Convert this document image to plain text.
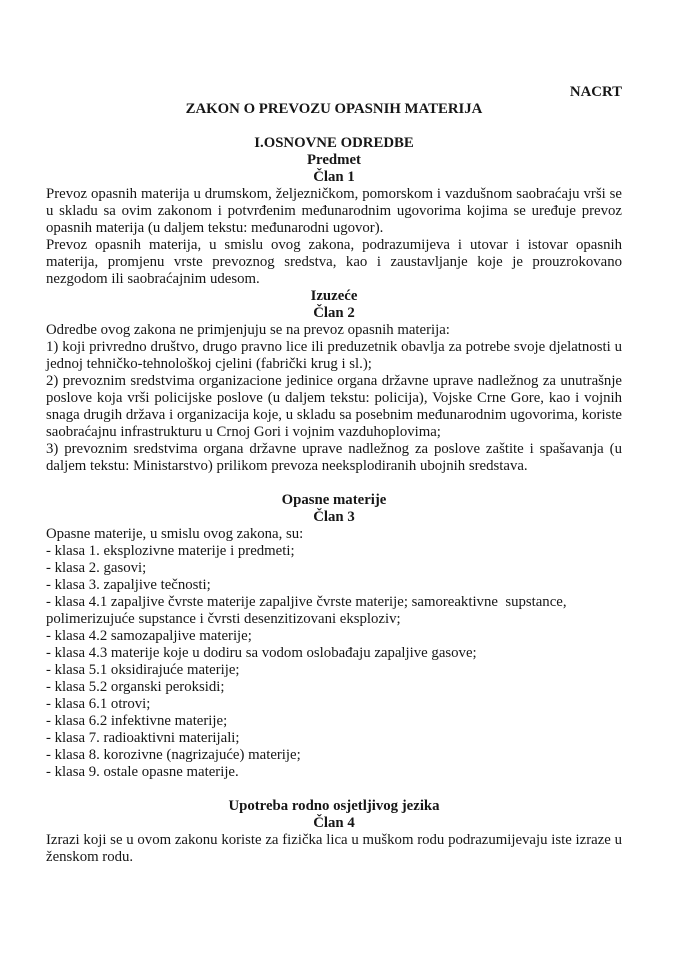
NACRT
ZAKON O PREVOZU OPASNIH MATERIJA
I.OSNOVNE ODREDBE
Predmet
Član 1

Prevoz opasnih materija u drumskom, željezničkom, pomorskom i vazdušnom saobraćaju vrši se u skladu sa ovim zakonom i potvrđenim međunarodnim ugovorima kojima se uređuje prevoz opasnih materija (u daljem tekstu: međunarodni ugovor).

Prevoz opasnih materija, u smislu ovog zakona, podrazumijeva i utovar i istovar opasnih materija, promjenu vrste prevoznog sredstva, kao i zaustavljanje koje je prouzrokovano nezgodom ili saobraćajnim udesom.

Izuzeće
Član 2

Odredbe ovog zakona ne primjenjuju se na prevoz opasnih materija:

1) koji privredno društvo, drugo pravno lice ili preduzetnik obavlja za potrebe svoje djelatnosti u jednoj tehničko-tehnološkoj cjelini (fabrički krug i sl.);

2) prevoznim sredstvima organizacione jedinice organa državne uprave nadležnog za unutrašnje poslove koja vrši policijske poslove (u daljem tekstu: policija), Vojske Crne Gore, kao i vojnih snaga drugih država i organizacija koje, u skladu sa posebnim međunarodnim ugovorima, koriste saobraćajnu infrastrukturu u Crnoj Gori i vojnim vazduhoplovima;

3) prevoznim sredstvima organa državne uprave nadležnog za poslove zaštite i spašavanja (u daljem tekstu: Ministarstvo) prilikom prevoza neeksplodiranih ubojnih sredstava.

Opasne materije
Član 3

Opasne materije, u smislu ovog zakona, su:

- klasa 1. eksplozivne materije i predmeti;

- klasa 2. gasovi;

- klasa 3. zapaljive tečnosti;

- klasa 4.1 zapaljive čvrste materije zapaljive čvrste materije; samoreaktivne  supstance,

polimerizujuće supstance i čvrsti desenzitizovani eksploziv;

- klasa 4.2 samozapaljive materije;

- klasa 4.3 materije koje u dodiru sa vodom oslobađaju zapaljive gasove;

- klasa 5.1 oksidirajuće materije;

- klasa 5.2 organski peroksidi;

- klasa 6.1 otrovi;

- klasa 6.2 infektivne materije;

- klasa 7. radioaktivni materijali;

- klasa 8. korozivne (nagrizajuće) materije;

- klasa 9. ostale opasne materije.

Upotreba rodno osjetljivog jezika
Član 4

Izrazi koji se u ovom zakonu koriste za fizička lica u muškom rodu podrazumijevaju iste izraze u ženskom rodu.
